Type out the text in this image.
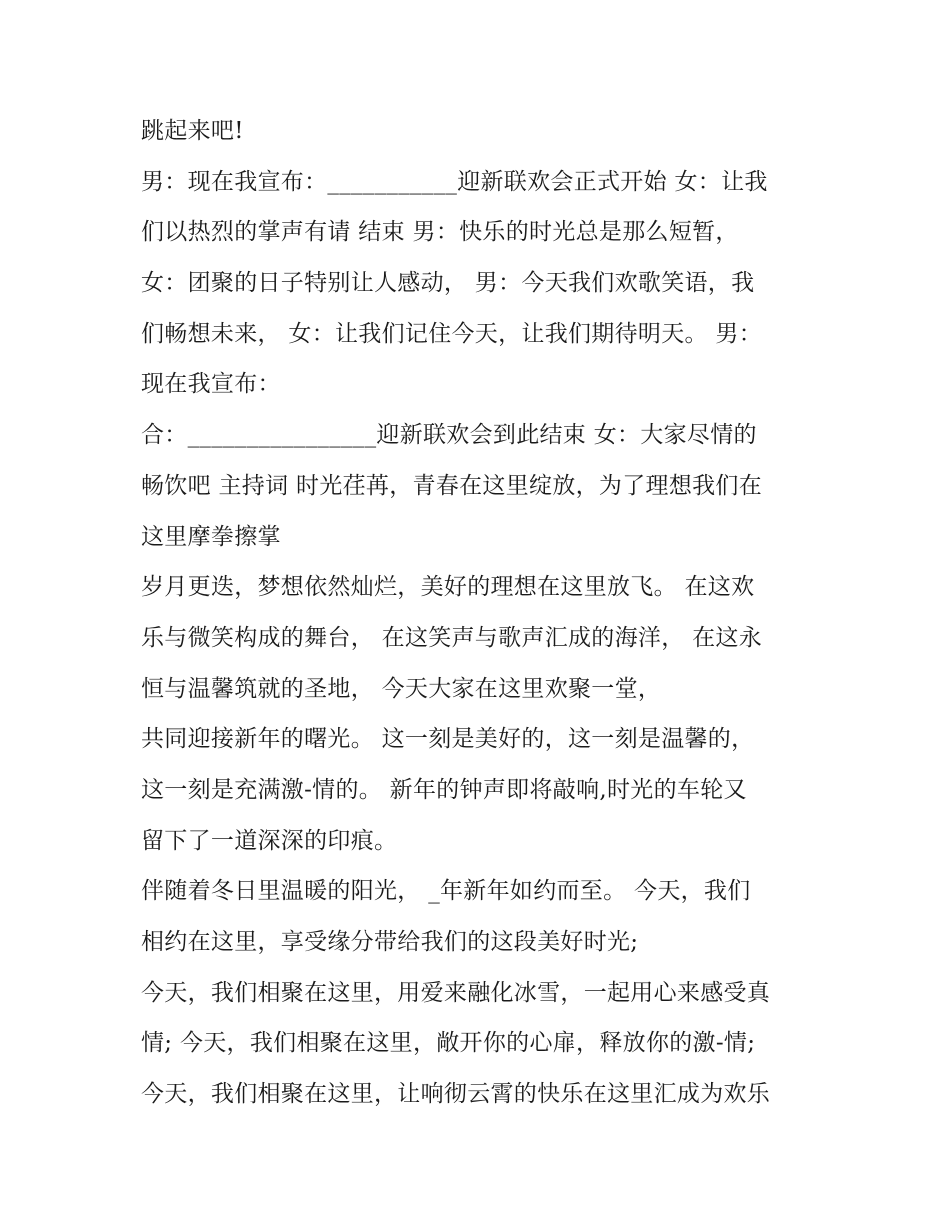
跳起来吧!
男：现在我宣布：___________迎新联欢会正式开始 女：让我
们以热烈的掌声有请 结束 男：快乐的时光总是那么短暂，
女：团聚的日子特别让人感动， 男：今天我们欢歌笑语，我
们畅想未来， 女：让我们记住今天，让我们期待明天。 男：
现在我宣布：
合：________________迎新联欢会到此结束 女：大家尽情的
畅饮吧 主持词 时光荏苒，青春在这里绽放，为了理想我们在
这里摩拳擦掌
岁月更迭，梦想依然灿烂，美好的理想在这里放飞。 在这欢
乐与微笑构成的舞台， 在这笑声与歌声汇成的海洋， 在这永
恒与温馨筑就的圣地， 今天大家在这里欢聚一堂，
共同迎接新年的曙光。 这一刻是美好的，这一刻是温馨的，
这一刻是充满激-情的。 新年的钟声即将敲响,时光的车轮又
留下了一道深深的印痕。
伴随着冬日里温暖的阳光， _年新年如约而至。 今天，我们
相约在这里，享受缘分带给我们的这段美好时光;
今天，我们相聚在这里，用爱来融化冰雪，一起用心来感受真
情; 今天，我们相聚在这里，敞开你的心扉，释放你的激-情;
今天，我们相聚在这里，让响彻云霄的快乐在这里汇成为欢乐
